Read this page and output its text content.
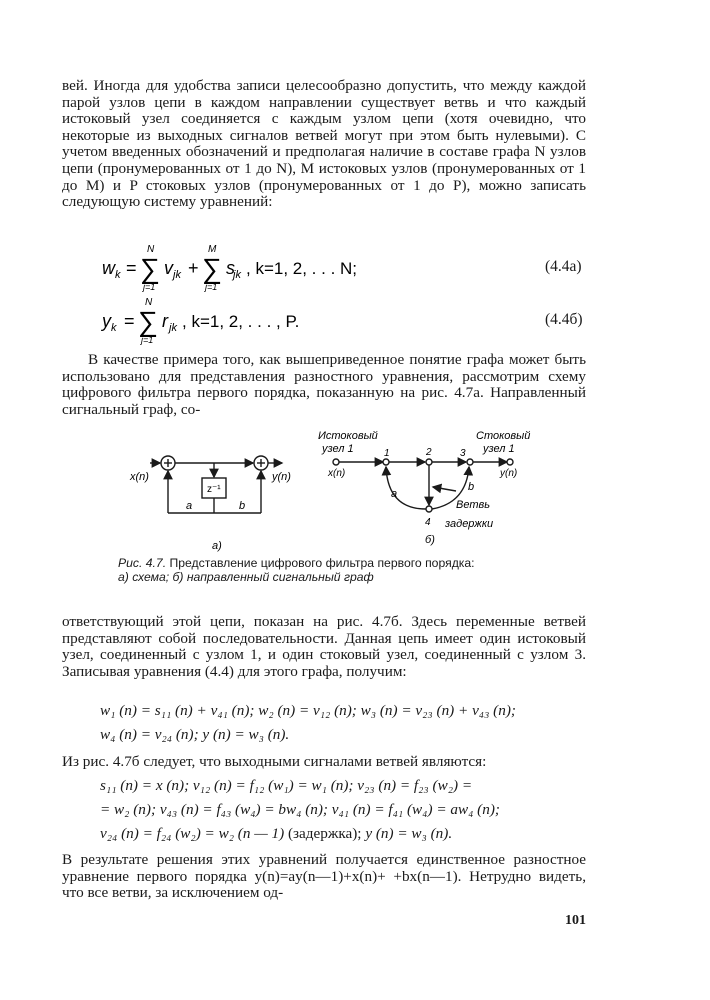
вей. Иногда для удобства записи целесообразно допустить, что между каждой парой узлов цепи в каждом направлении существует ветвь и что каждый истоковый узел соединяется с каждым узлом цепи (хотя очевидно, что некоторые из выходных сигналов ветвей могут при этом быть нулевыми). С учетом введенных обозначений и предполагая наличие в составе графа N узлов цепи (пронумерованных от 1 до N), M истоковых узлов (пронумерованных от 1 до M) и P стоковых узлов (пронумерованных от 1 до P), можно записать следующую систему уравнений:

w k =
N
∑
j=1
v jk +
M
∑
j=1
s
jk , k=1, 2, . . . N;	(4.4а)
y k =
N
∑
j=1
r jk , k=1, 2, . . . , P.	(4.4б)

В качестве примера того, как вышеприведенное понятие графа может быть использовано для представления разностного уравнения, рассмотрим схему цифрового фильтра первого порядка, показанную на рис. 4.7а. Направленный сигнальный граф, со-

x(n)	y(n)
z⁻¹
a	b
а)
Истоковый
узел 1
Стоковый
узел 1
x(n)	y(n)
1	2	3
4
a
b
Ветвь
задержки
б)
Рис. 4.7. Представление цифрового фильтра первого порядка:
а) схема; б) направленный сигнальный граф

ответствующий этой цепи, показан на рис. 4.7б. Здесь переменные ветвей представляют собой последовательности. Данная цепь имеет один истоковый узел, соединенный с узлом 1, и один стоковый узел, соединенный с узлом 3. Записывая уравнения (4.4) для этого графа, получим:

w₁ (n) = s₁₁ (n) + v₄₁ (n); w₂ (n) = v₁₂ (n); w₃ (n) = v₂₃ (n) + v₄₃ (n);
w₄ (n) = v₂₄ (n); y (n) = w₃ (n).

Из рис. 4.7б следует, что выходными сигналами ветвей являются:

s₁₁ (n) = x (n); v₁₂ (n) = f₁₂ (w₁) = w₁ (n); v₂₃ (n) = f₂₃ (w₂) =
= w₂ (n); v₄₃ (n) = f₄₃ (w₄) = bw₄ (n); v₄₁ (n) = f₄₁ (w₄) = aw₄ (n);
v₂₄ (n) = f₂₄ (w₂) = w₂ (n — 1) (задержка); y (n) = w₃ (n).

В результате решения этих уравнений получается единственное разностное уравнение первого порядка y(n)=ay(n—1)+x(n)+ +bx(n—1). Нетрудно видеть, что все ветви, за исключением од-

101
